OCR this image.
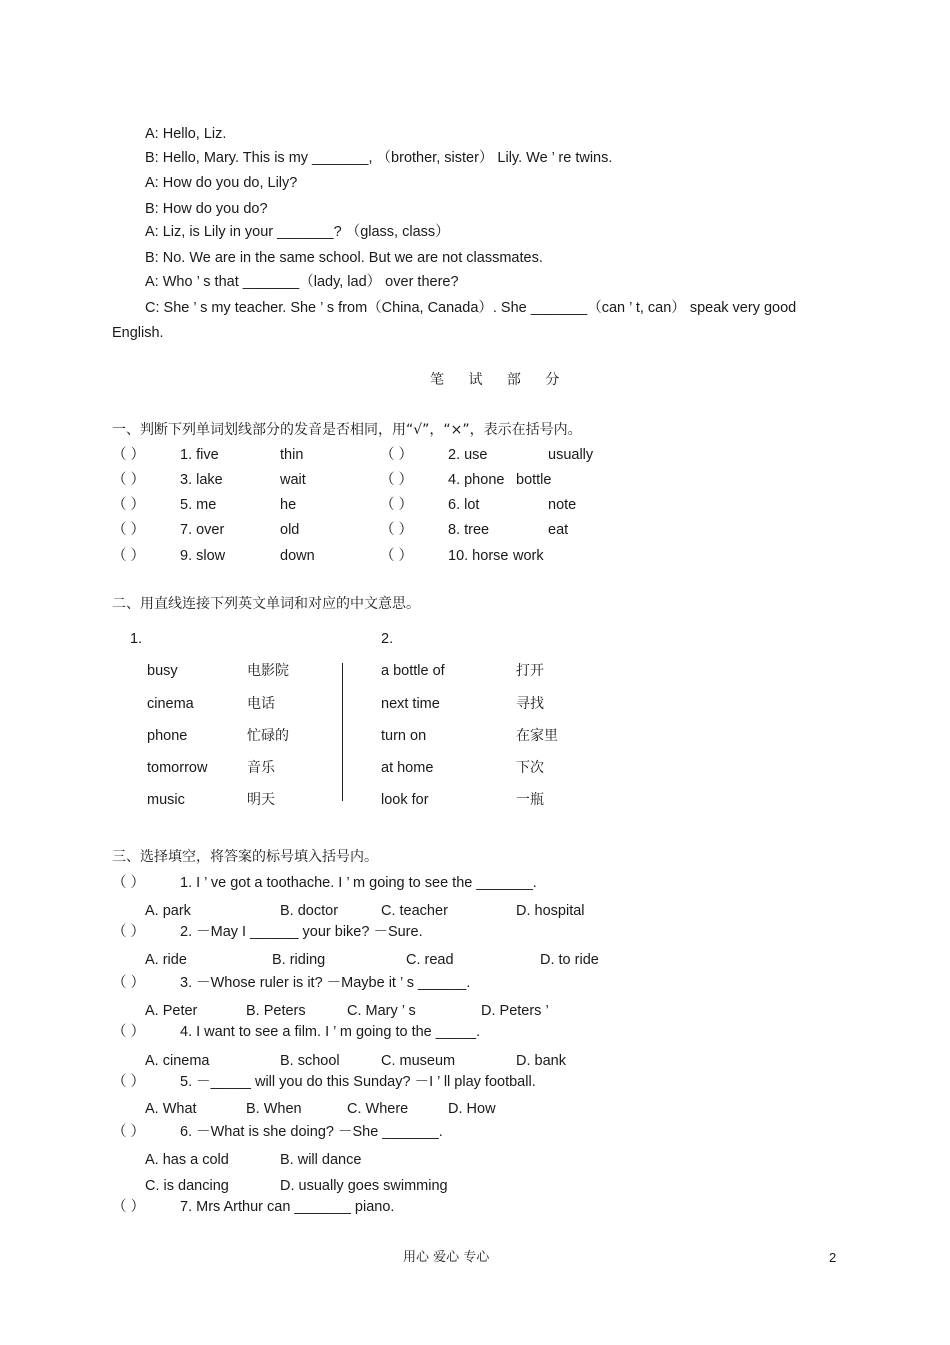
A: Hello, Liz.
B: Hello, Mary. This is my _______, （brother, sister） Lily. We ’ re twins.
A: How do you do, Lily?
B: How do you do?
A: Liz, is Lily in your _______? （glass, class）
B: No. We are in the same school. But we are not classmates.
A: Who ’ s that _______（lady, lad） over there?
C: She ’ s my teacher. She ’ s from（China, Canada）. She _______（can ’ t, can） speak very good
English.
笔 试 部 分
一、判断下列单词划线部分的发音是否相同，用“√”，“×”，表示在括号内。
（ ） 1. five	thin	（ ） 2. use	usually
（ ） 3. lake	wait	（ ） 4. phone bottle
（ ） 5. me	he	（ ） 6. lot	note
（ ） 7. over	old	（ ） 8. tree	eat
（ ） 9. slow	down	（ ） 10. horse work
二、用直线连接下列英文单词和对应的中文意思。
1.	2.
busy	电影院
cinema	电话
phone	忙碌的
tomorrow	音乐
music	明天
a bottle of	打开
next time	寻找
turn on	在家里
at home	下次
look for	一瓶
三、选择填空，将答案的标号填入括号内。
（ ） 1. I ’ ve got a toothache. I ’ m going to see the _______.
A. park	B. doctor	C. teacher	D. hospital
（ ） 2. －May I ______ your bike? －Sure.
A. ride	B. riding	C. read	D. to ride
（ ） 3. －Whose ruler is it? －Maybe it ’ s ______.
A. Peter	B. Peters	C. Mary ’ s	D. Peters ’
（ ） 4. I want to see a film. I ’ m going to the _____.
A. cinema	B. school	C. museum	D. bank
（ ） 5. －_____ will you do this Sunday? －I ’ ll play football.
A. What	B. When	C. Where	D. How
（ ） 6. －What is she doing? －She _______.
A. has a cold	B. will dance
C. is dancing	D. usually goes swimming
（ ） 7. Mrs Arthur can _______ piano.
用心 爱心 专心	2
